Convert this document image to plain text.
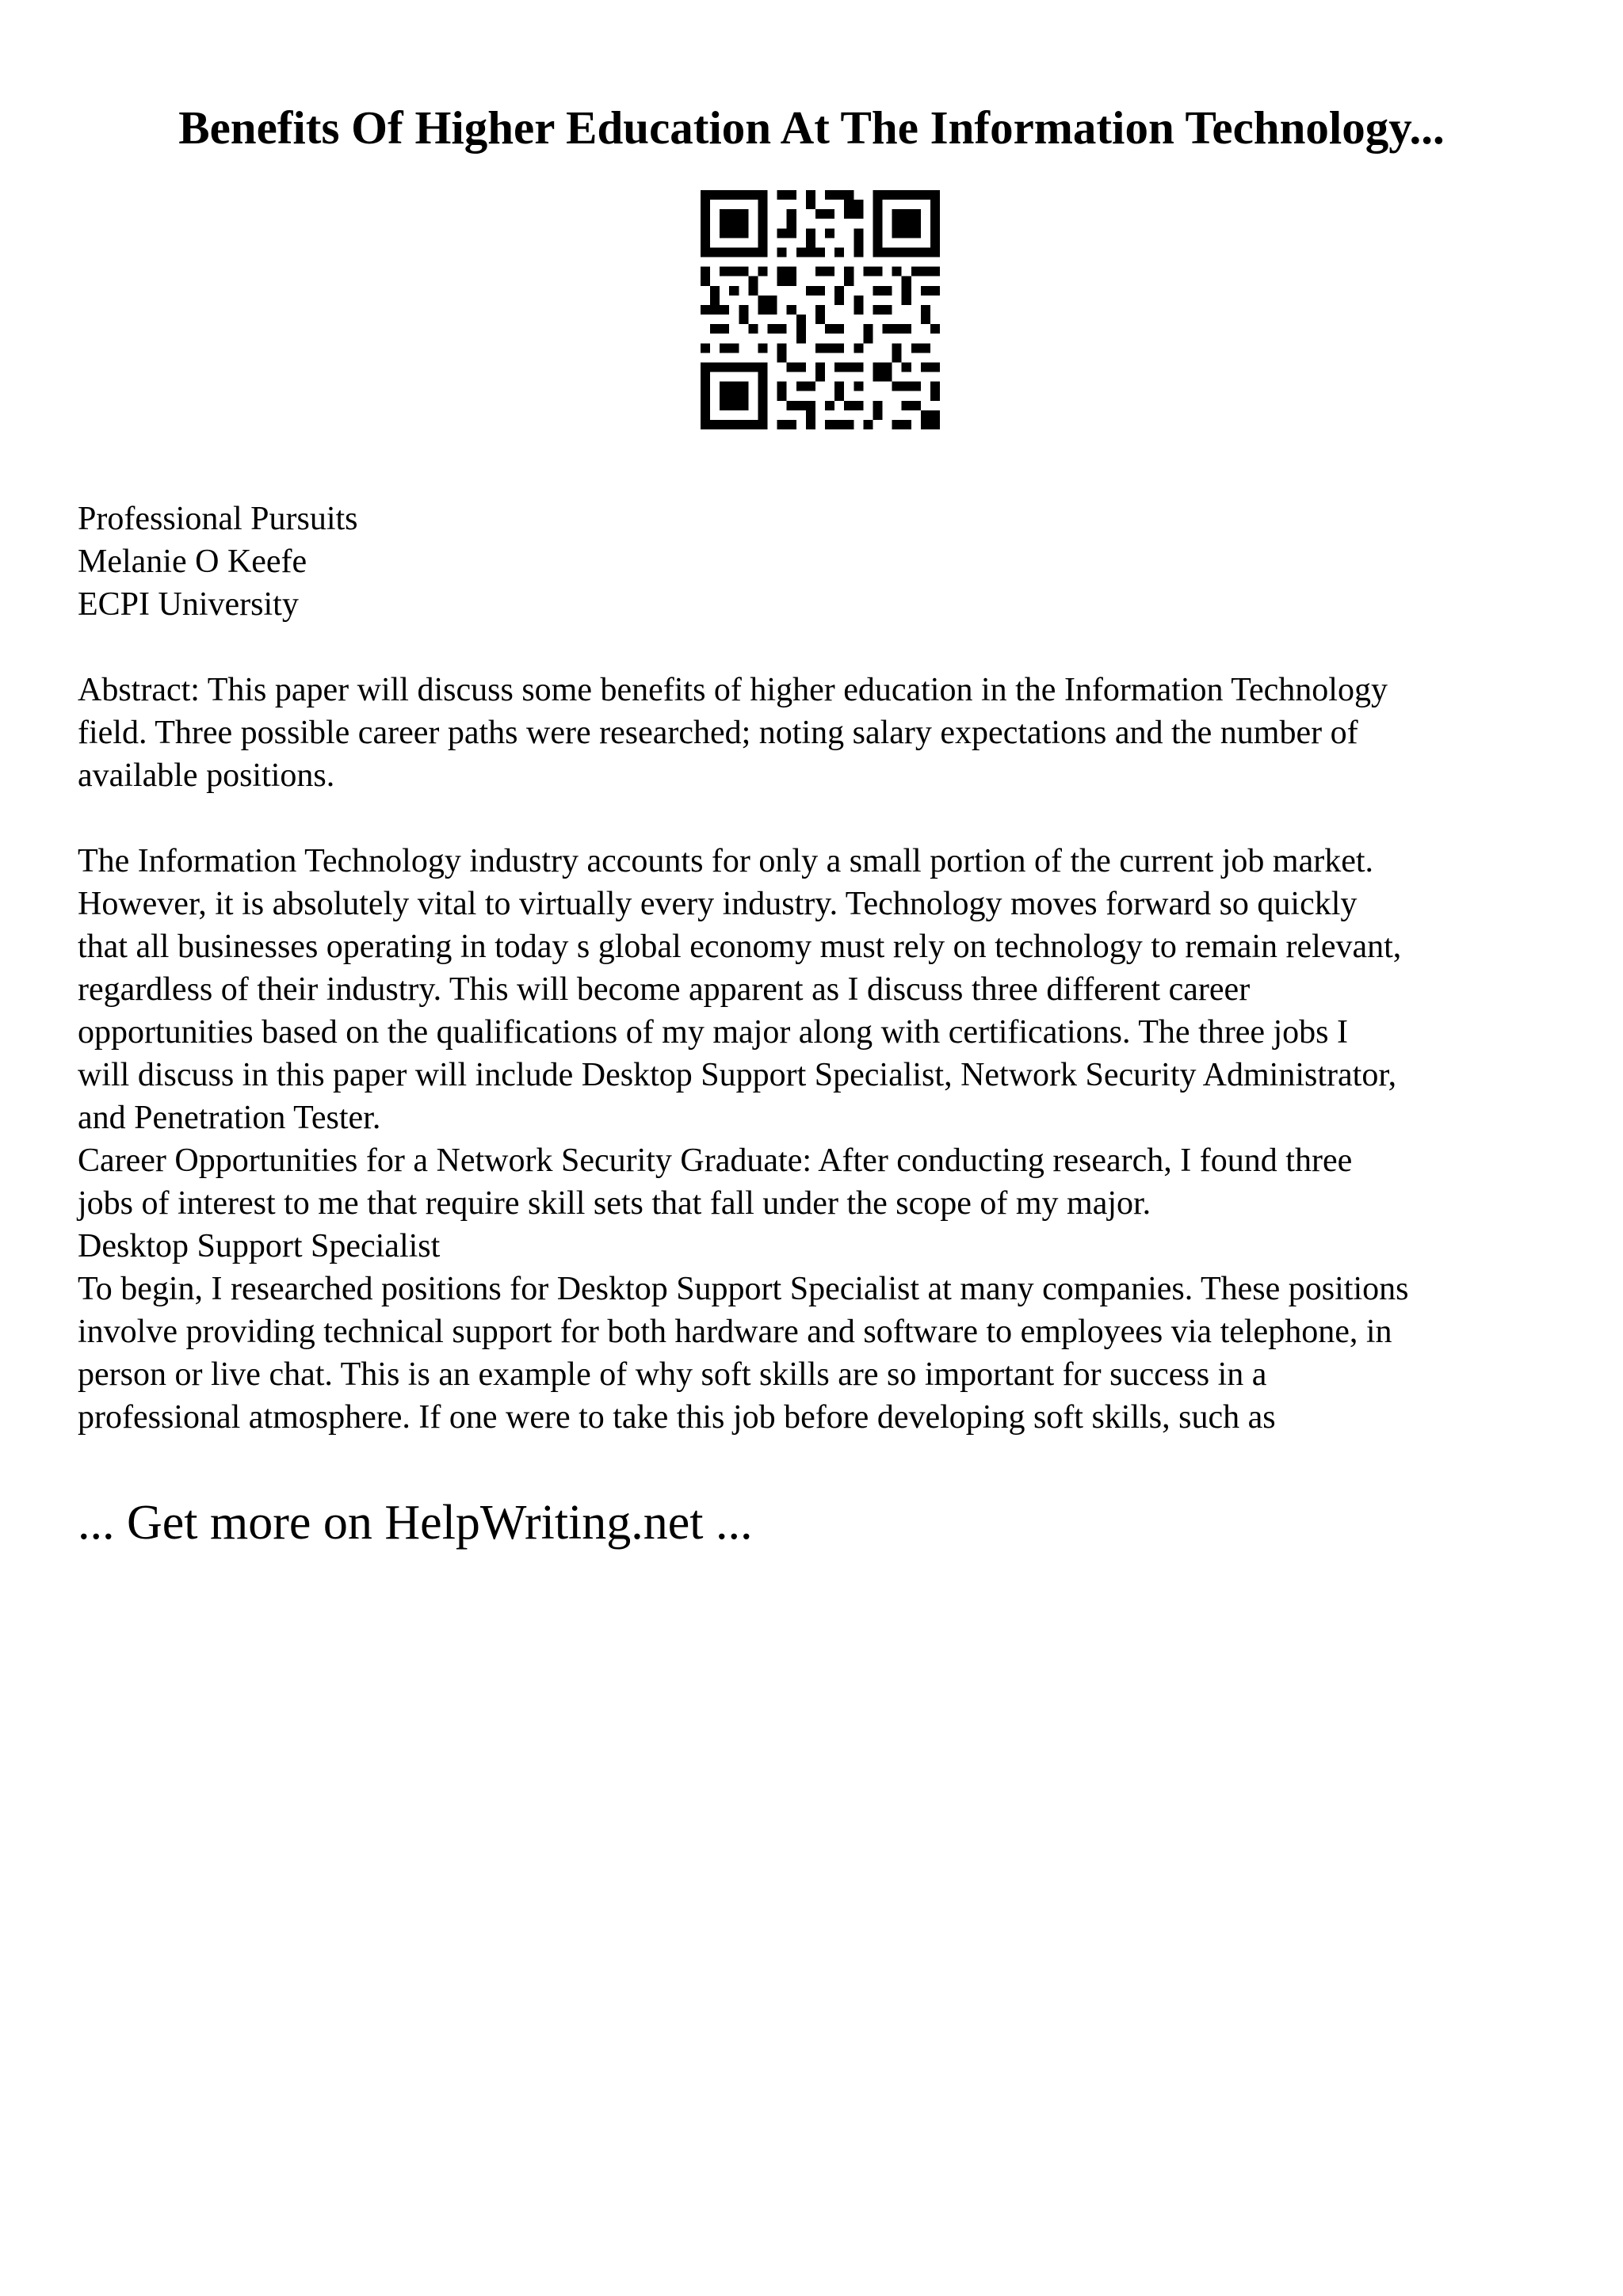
Benefits Of Higher Education At The Information Technology...
Professional Pursuits
Melanie O Keefe
ECPI University
Abstract: This paper will discuss some benefits of higher education in the Information Technology
field. Three possible career paths were researched; noting salary expectations and the number of
available positions.
The Information Technology industry accounts for only a small portion of the current job market.
However, it is absolutely vital to virtually every industry. Technology moves forward so quickly
that all businesses operating in today s global economy must rely on technology to remain relevant,
regardless of their industry. This will become apparent as I discuss three different career
opportunities based on the qualifications of my major along with certifications. The three jobs I
will discuss in this paper will include Desktop Support Specialist, Network Security Administrator,
and Penetration Tester.
Career Opportunities for a Network Security Graduate: After conducting research, I found three
jobs of interest to me that require skill sets that fall under the scope of my major.
Desktop Support Specialist
To begin, I researched positions for Desktop Support Specialist at many companies. These positions
involve providing technical support for both hardware and software to employees via telephone, in
person or live chat. This is an example of why soft skills are so important for success in a
professional atmosphere. If one were to take this job before developing soft skills, such as
... Get more on HelpWriting.net ...
